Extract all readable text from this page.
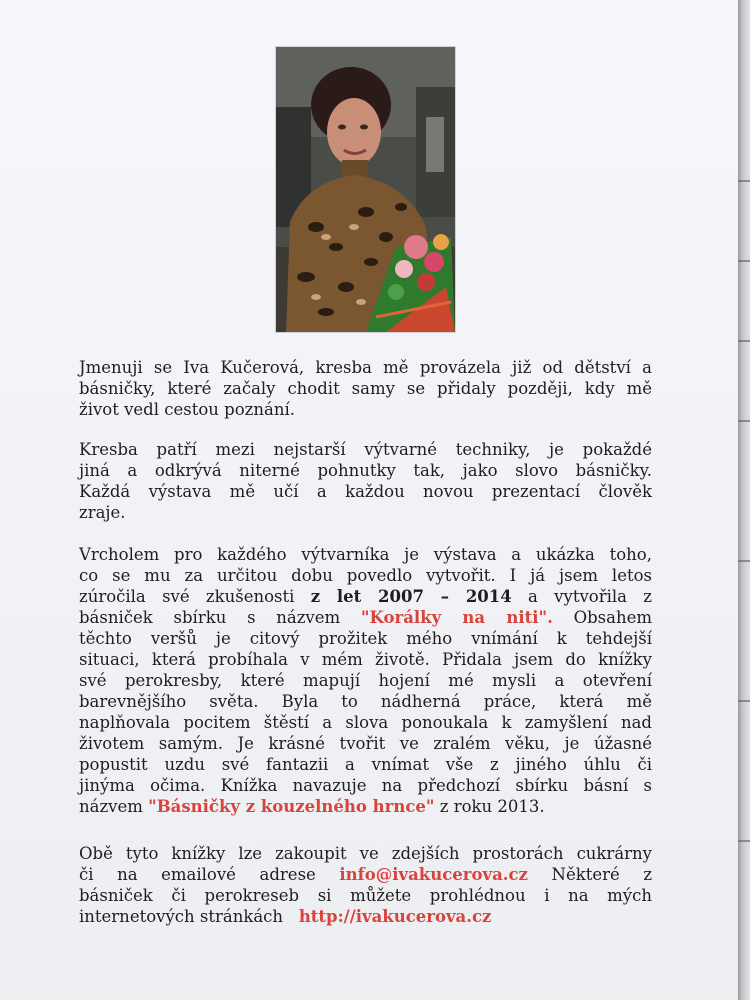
Jmenuji se Iva Kučerová, kresba mě provázela již od dětství a
básničky, které začaly chodit samy se přidaly později, kdy mě
život vedl cestou poznání.
Kresba patří mezi nejstarší výtvarné techniky, je pokaždé
jiná a odkrývá niterné pohnutky tak, jako slovo básničky.
Každá výstava mě učí a každou novou prezentací člověk
zraje.
Vrcholem pro každého výtvarníka je výstava a ukázka toho,
co se mu za určitou dobu povedlo vytvořit. I já jsem letos
zúročila své zkušenosti z let 2007 – 2014 a vytvořila z
básniček sbírku s názvem "Korálky na niti". Obsahem
těchto veršů je citový prožitek mého vnímání k tehdejší
situaci, která probíhala v mém životě. Přidala jsem do knížky
své perokresby, které mapují hojení mé mysli a otevření
barevnějšího světa. Byla to nádherná práce, která mě
naplňovala pocitem štěstí a slova ponoukala k zamyšlení nad
životem samým. Je krásné tvořit ve zralém věku, je úžasné
popustit uzdu své fantazii a vnímat vše z jiného úhlu či
jinýma očima. Knížka navazuje na předchozí sbírku básní s
názvem "Básničky z kouzelného hrnce" z roku 2013.
Obě tyto knížky lze zakoupit ve zdejších prostorách cukrárny
či na emailové adrese info@ivakucerova.cz Některé z
básniček či perokreseb si můžete prohlédnou i na mých
internetových stránkách http://ivakucerova.cz
